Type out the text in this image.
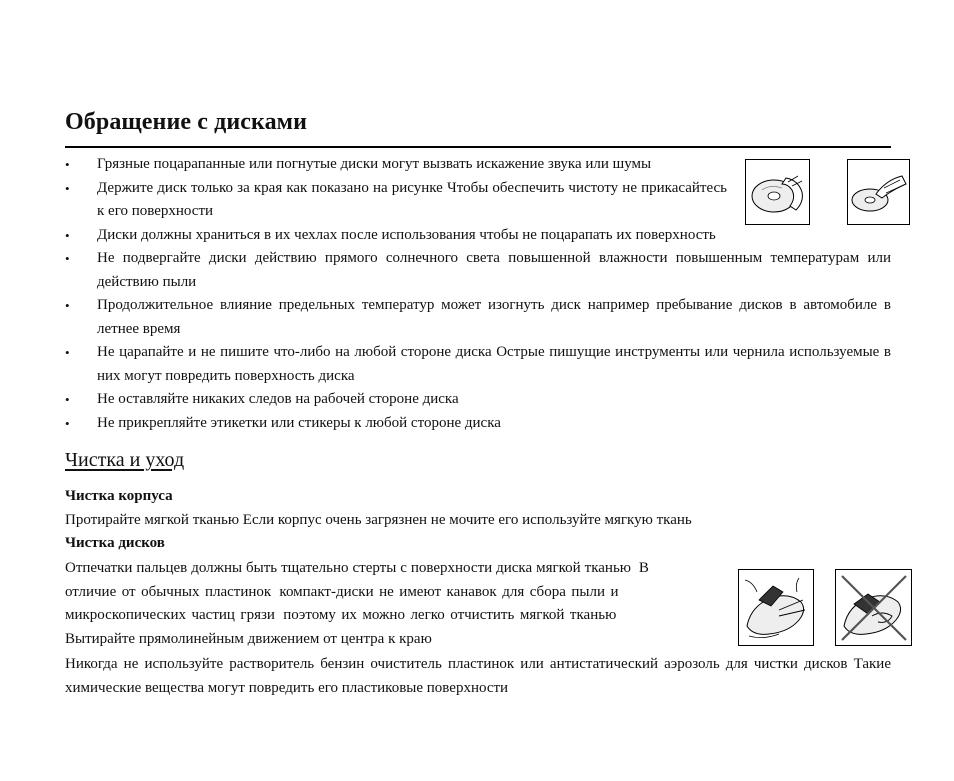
Обращение с дисками
•	Грязные поцарапанные или погнутые диски могут вызвать искажение звука или шумы
•	Держите диск только за края как показано на рисунке Чтобы обеспечить чистоту не прикасайтесь к его поверхности
•	Диски должны храниться в их чехлах после использования чтобы не поцарапать их поверхность
•	Не подвергайте диски действию прямого солнечного света повышенной влажности повышенным температурам или действию пыли
•	Продолжительное влияние предельных температур может изогнуть диск например пребывание дисков в автомобиле в летнее время
•	Не царапайте и не пишите что-либо на любой стороне диска Острые пишущие инструменты или чернила используемые в них могут повредить поверхность диска
•	Не оставляйте никаких следов на рабочей стороне диска
•	Не прикрепляйте этикетки или стикеры к любой стороне диска
Чистка и уход
Чистка корпуса
Протирайте мягкой тканью Если корпус очень загрязнен не мочите его используйте мягкую ткань
Чистка дисков
Отпечатки пальцев должны быть тщательно стерты с поверхности диска мягкой тканью  В
отличие  от  обычных  пластинок   компакт-диски  не  имеют  канавок  для  сбора  пыли  и
микроскопических  частиц  грязи   поэтому  их  можно  легко  отчистить  мягкой  тканью
Вытирайте прямолинейным движением от центра к краю
Никогда не используйте растворитель бензин очиститель пластинок или антистатический аэрозоль для чистки дисков Такие химические вещества могут повредить его пластиковые поверхности
